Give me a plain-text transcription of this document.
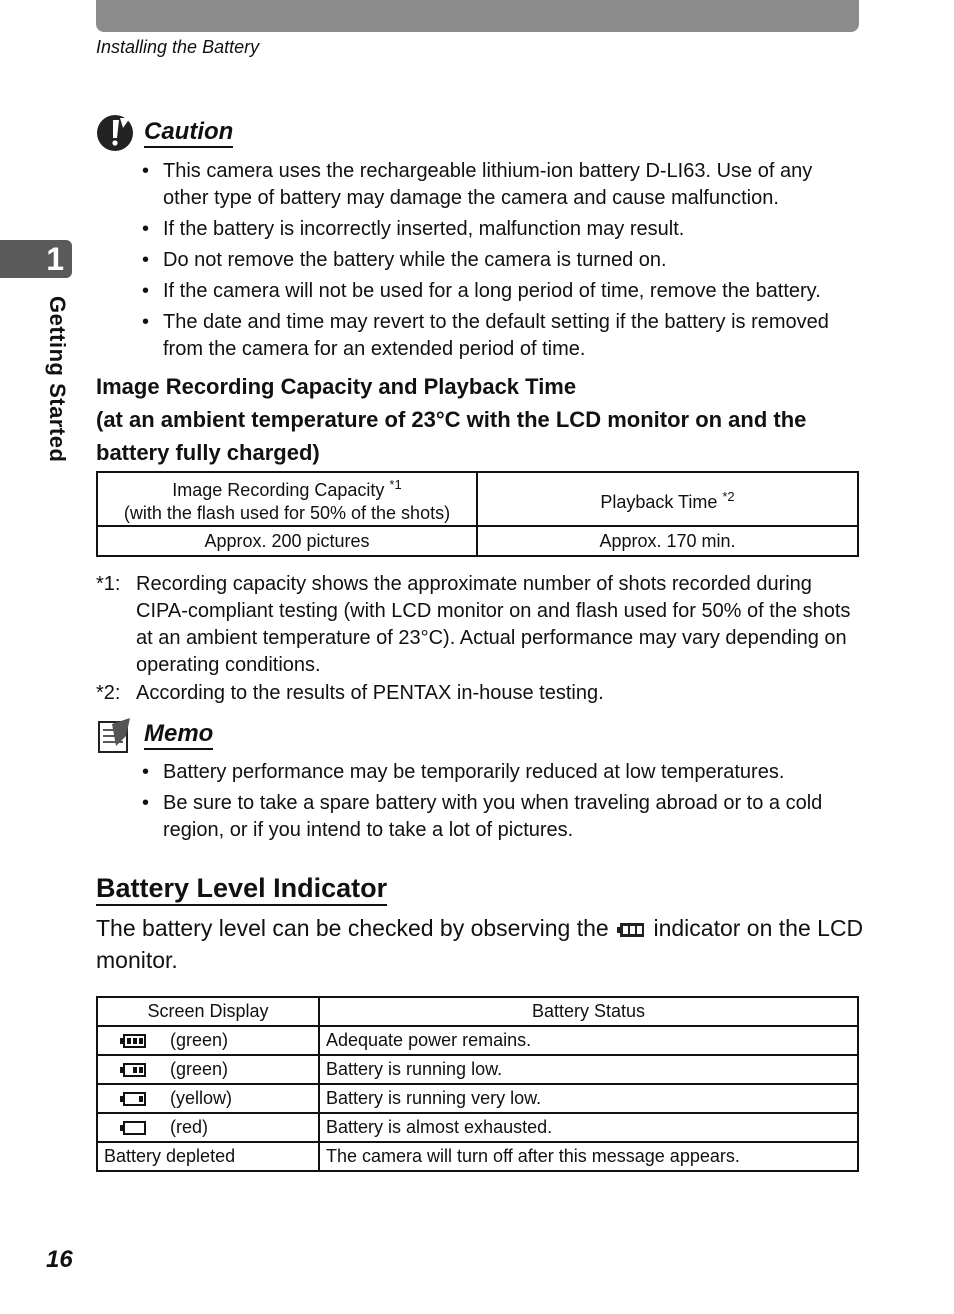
Installing the Battery
1
Getting Started
Caution
• This camera uses the rechargeable lithium-ion battery D-LI63. Use of any other type of battery may damage the camera and cause malfunction.
• If the battery is incorrectly inserted, malfunction may result.
• Do not remove the battery while the camera is turned on.
• If the camera will not be used for a long period of time, remove the battery.
• The date and time may revert to the default setting if the battery is removed from the camera for an extended period of time.
Image Recording Capacity and Playback Time
(at an ambient temperature of 23°C with the LCD monitor on and the battery fully charged)
Image Recording Capacity $^{*1}$
(with the flash used for 50% of the shots)	Playback Time $^{*2}$
Approx. 200 pictures	Approx. 170 min.
*1: Recording capacity shows the approximate number of shots recorded during CIPA-compliant testing (with LCD monitor on and flash used for 50% of the shots at an ambient temperature of 23°C). Actual performance may vary depending on operating conditions.
*2: According to the results of PENTAX in-house testing.
Memo
• Battery performance may be temporarily reduced at low temperatures.
• Be sure to take a spare battery with you when traveling abroad or to a cold region, or if you intend to take a lot of pictures.
Battery Level Indicator
The battery level can be checked by observing the indicator on the LCD monitor.
Screen Display	Battery Status

(green)	Adequate power remains.

(green)	Battery is running low.

(yellow)	Battery is running very low.

(red)	Battery is almost exhausted.
Battery depleted	The camera will turn off after this message appears.
16
